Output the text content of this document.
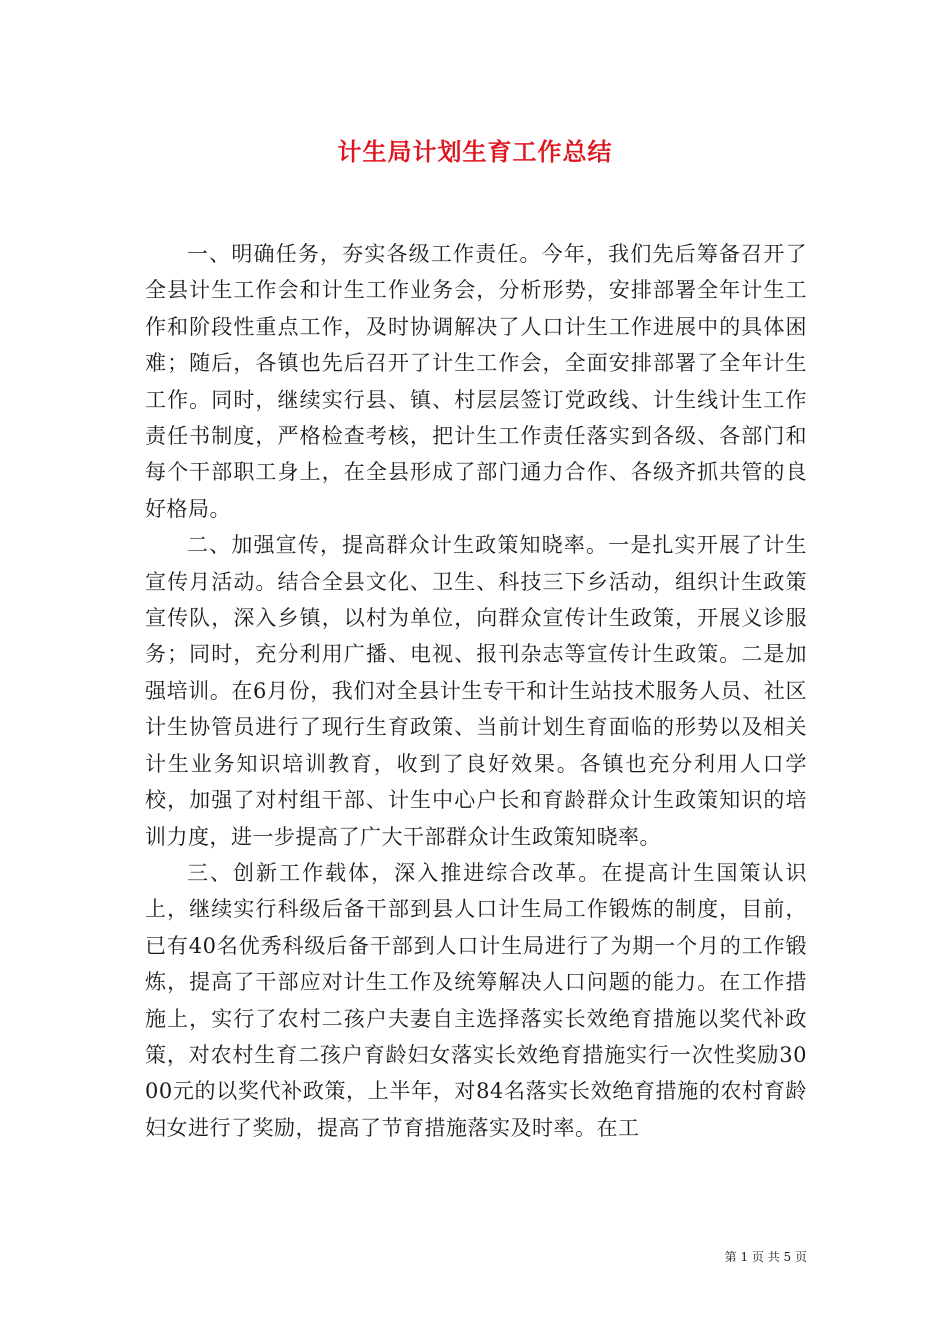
计生局计划生育工作总结

一、明确任务，夯实各级工作责任。今年，我们先后筹备召开了全县计生工作会和计生工作业务会，分析形势，安排部署全年计生工作和阶段性重点工作，及时协调解决了人口计生工作进展中的具体困难；随后，各镇也先后召开了计生工作会，全面安排部署了全年计生工作。同时，继续实行县、镇、村层层签订党政线、计生线计生工作责任书制度，严格检查考核，把计生工作责任落实到各级、各部门和每个干部职工身上，在全县形成了部门通力合作、各级齐抓共管的良好格局。

二、加强宣传，提高群众计生政策知晓率。一是扎实开展了计生宣传月活动。结合全县文化、卫生、科技三下乡活动，组织计生政策宣传队，深入乡镇，以村为单位，向群众宣传计生政策，开展义诊服务；同时，充分利用广播、电视、报刊杂志等宣传计生政策。二是加强培训。在6月份，我们对全县计生专干和计生站技术服务人员、社区计生协管员进行了现行生育政策、当前计划生育面临的形势以及相关计生业务知识培训教育，收到了良好效果。各镇也充分利用人口学校，加强了对村组干部、计生中心户长和育龄群众计生政策知识的培训力度，进一步提高了广大干部群众计生政策知晓率。

三、创新工作载体，深入推进综合改革。在提高计生国策认识上，继续实行科级后备干部到县人口计生局工作锻炼的制度，目前，已有40名优秀科级后备干部到人口计生局进行了为期一个月的工作锻炼，提高了干部应对计生工作及统筹解决人口问题的能力。在工作措施上，实行了农村二孩户夫妻自主选择落实长效绝育措施以奖代补政策，对农村生育二孩户育龄妇女落实长效绝育措施实行一次性奖励3000元的以奖代补政策，上半年，对84名落实长效绝育措施的农村育龄妇女进行了奖励，提高了节育措施落实及时率。在工

第 1 页 共 5 页
